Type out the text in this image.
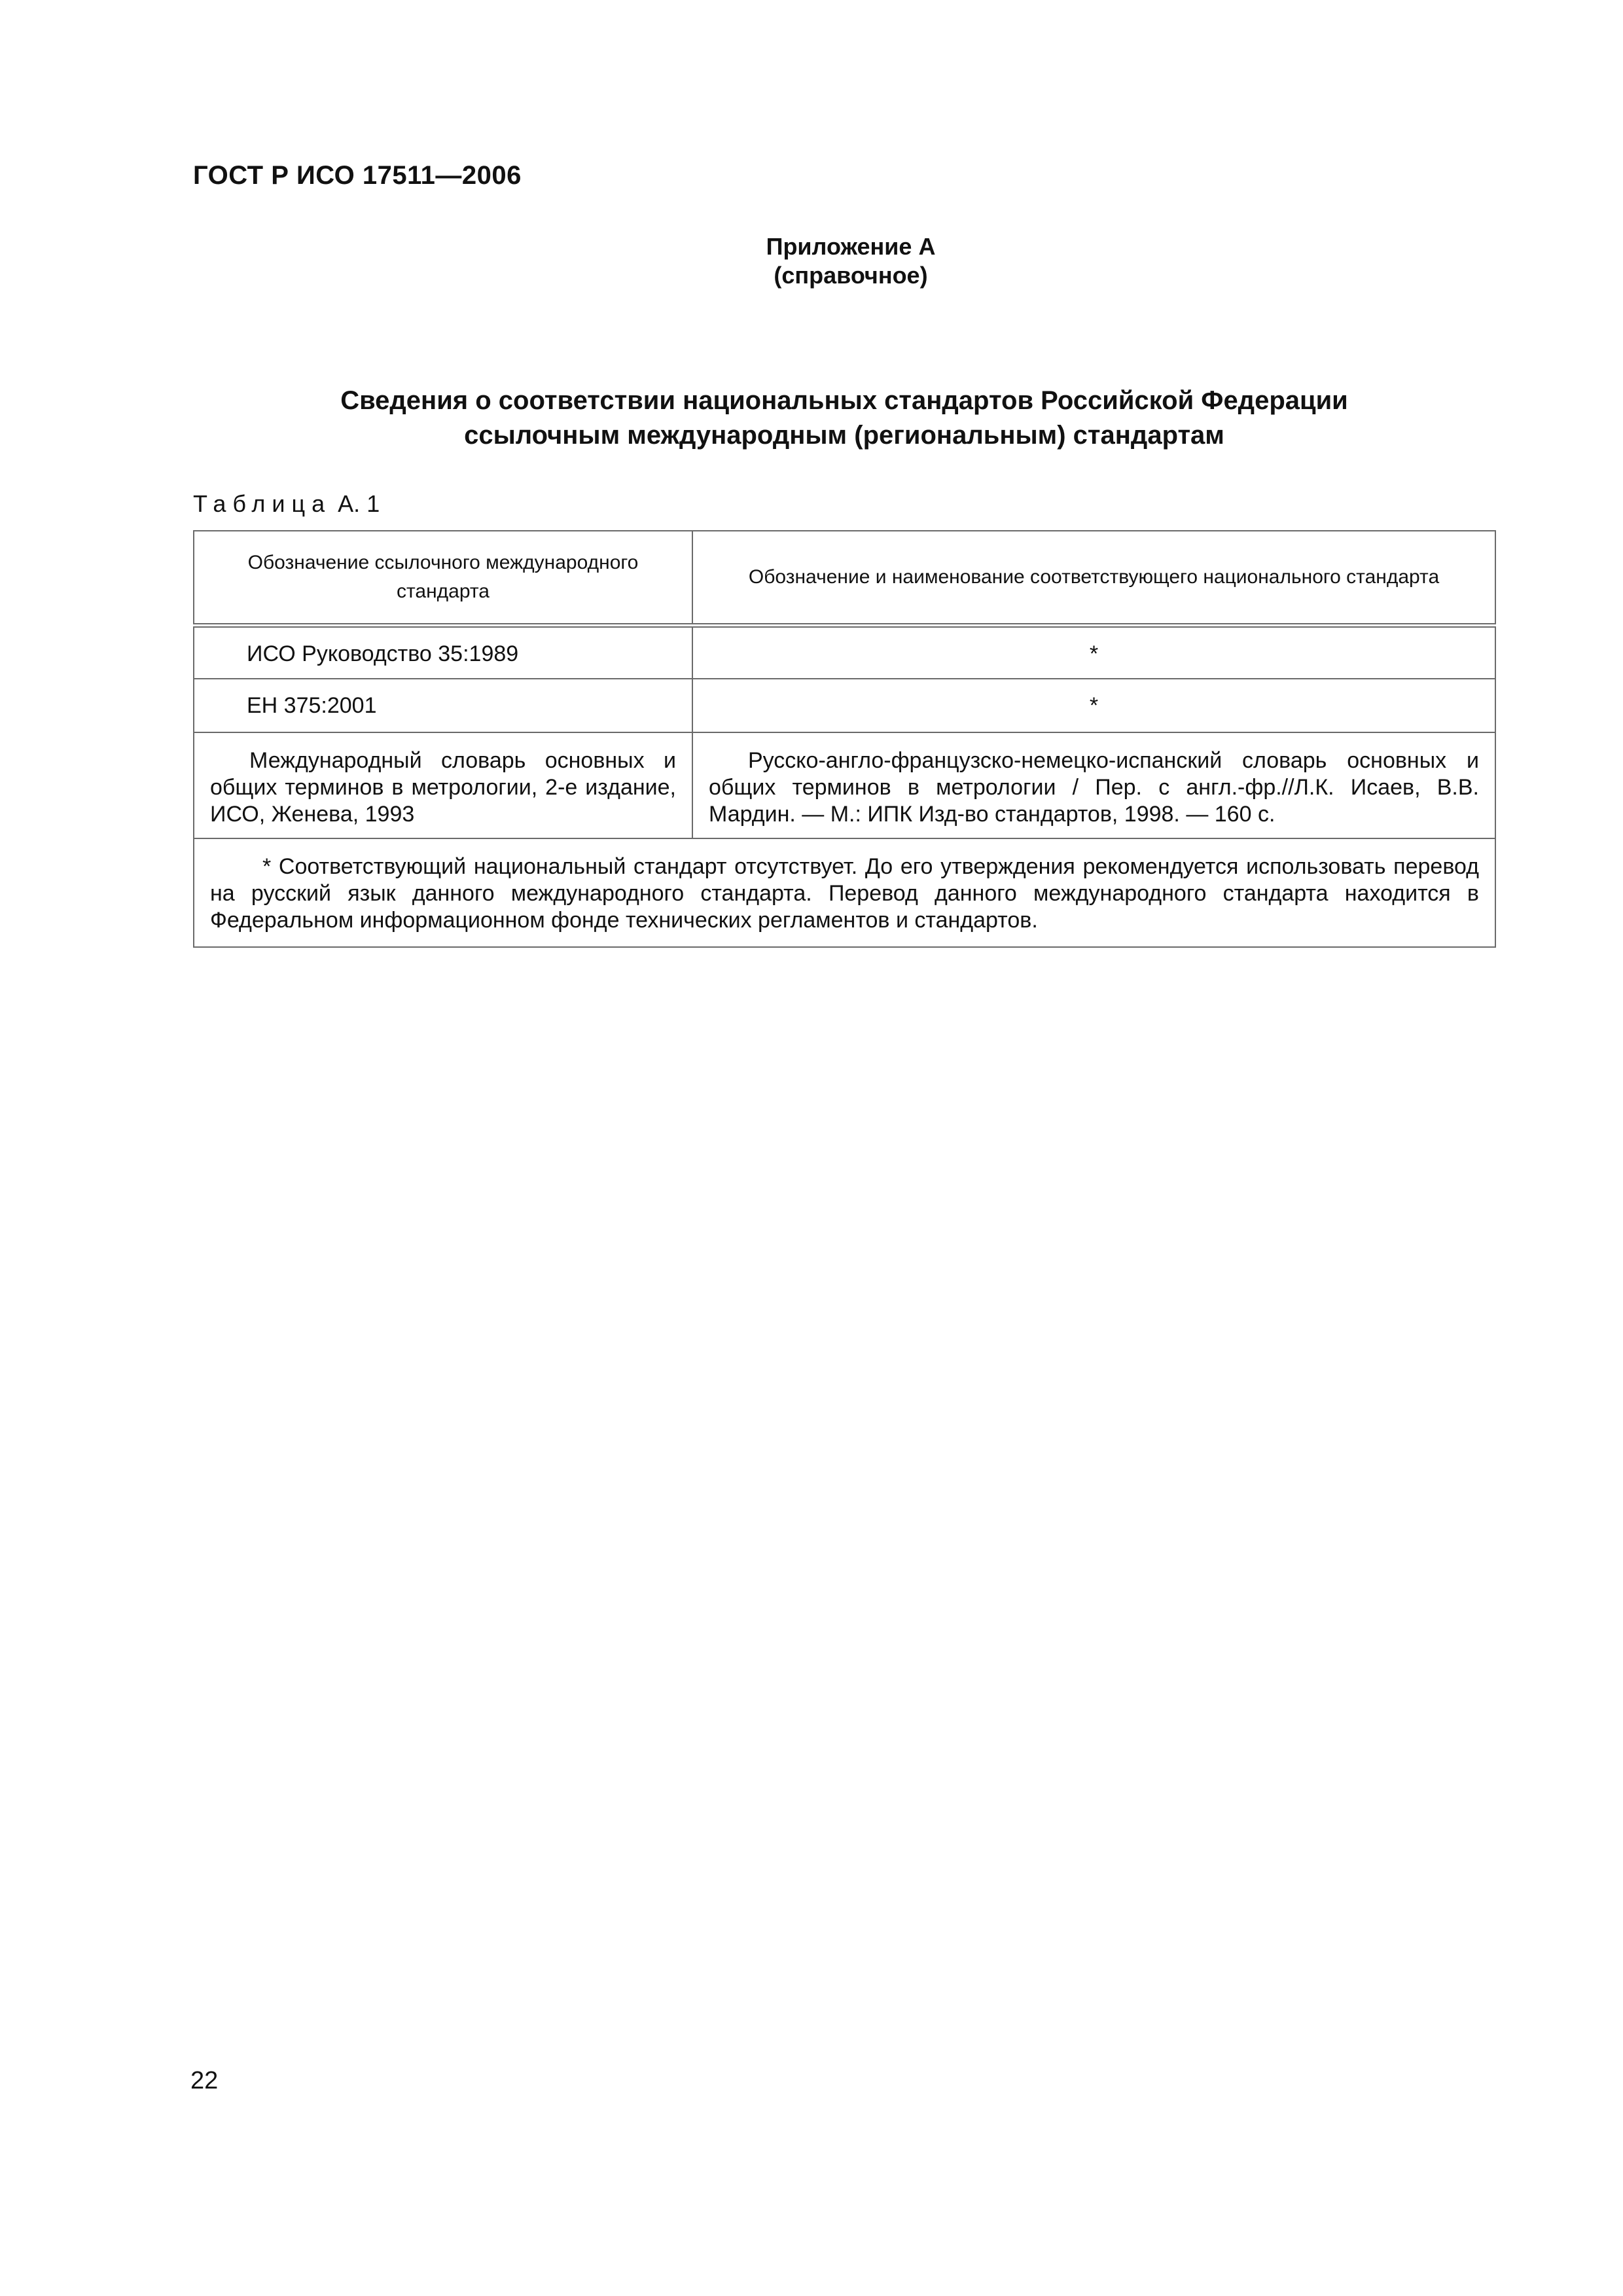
ГОСТ Р ИСО 17511—2006
Приложение А
(справочное)
Сведения о соответствии национальных стандартов Российской Федерации
ссылочным международным (региональным) стандартам
Таблица А. 1
Обозначение ссылочного международного стандарта	Обозначение и наименование соответствующего национального стандарта
ИСО Руководство 35:1989	*
ЕН 375:2001	*

Международный словарь основных и общих терминов в метрологии, 2-е издание, ИСО, Женева, 1993	Русско-англо-французско-немецко-испанский словарь основных и общих терминов в метрологии / Пер. с англ.-фр.//Л.К. Исаев, В.В. Мардин. — М.: ИПК Изд-во стандартов, 1998. — 160 с.

* Соответствующий национальный стандарт отсутствует. До его утверждения рекомендуется использовать перевод на русский язык данного международного стандарта. Перевод данного международного стандарта находится в Федеральном информационном фонде технических регламентов и стандартов.	
22
